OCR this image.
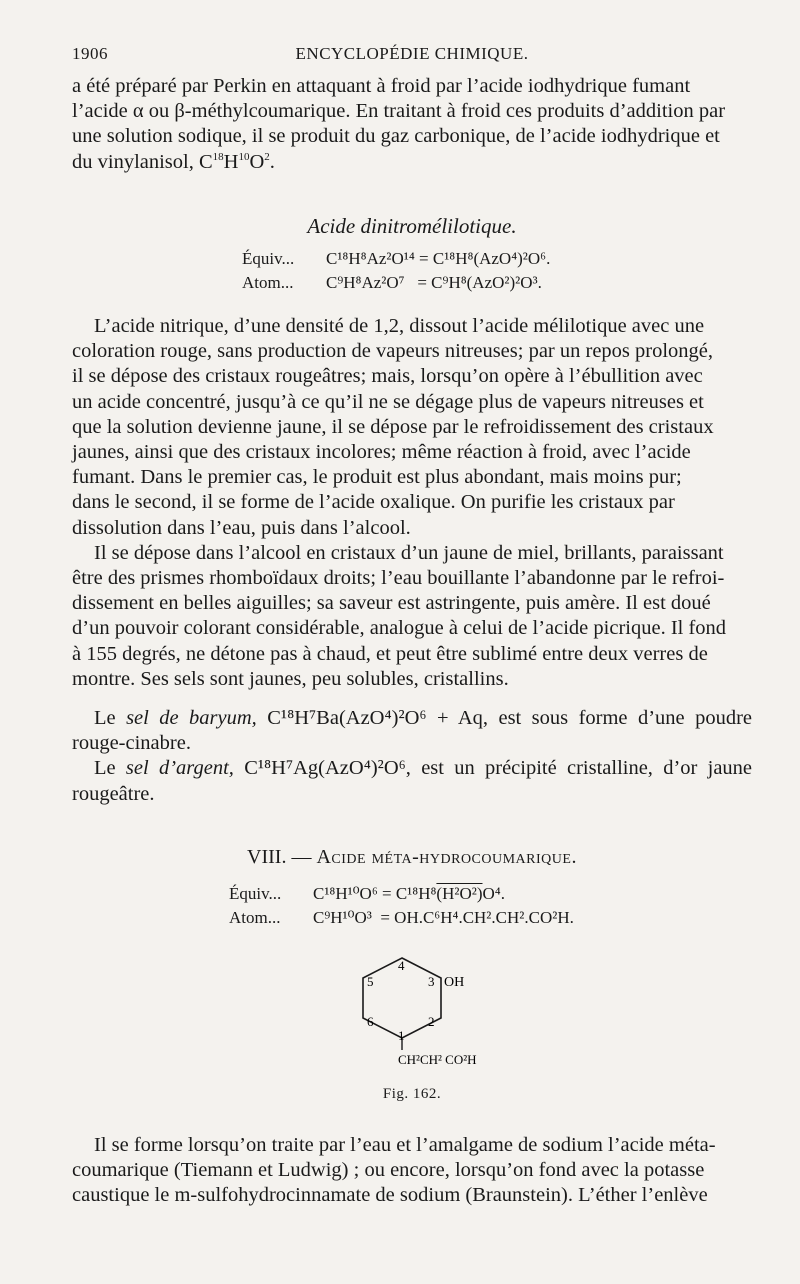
1906	ENCYCLOPÉDIE CHIMIQUE.

a été préparé par Perkin en attaquant à froid par l’acide iodhydrique fumant

l’acide α ou β-méthylcoumarique. En traitant à froid ces produits d’addition par

une solution sodique, il se produit du gaz carbonique, de l’acide iodhydrique et

du vinylanisol, $C^{18}H^{10}O^2$.

Acide dinitromélilotique.
Équiv... C¹⁸H⁸Az²O¹⁴ = C¹⁸H⁸(AzO⁴)²O⁶.
Atom... C⁹H⁸Az²O⁷   = C⁹H⁸(AzO²)²O³.

L’acide nitrique, d’une densité de 1,2, dissout l’acide mélilotique avec une

coloration rouge, sans production de vapeurs nitreuses; par un repos prolongé,

il se dépose des cristaux rougeâtres; mais, lorsqu’on opère à l’ébullition avec

un acide concentré, jusqu’à ce qu’il ne se dégage plus de vapeurs nitreuses et

que la solution devienne jaune, il se dépose par le refroidissement des cristaux

jaunes, ainsi que des cristaux incolores; même réaction à froid, avec l’acide

fumant. Dans le premier cas, le produit est plus abondant, mais moins pur;

dans le second, il se forme de l’acide oxalique. On purifie les cristaux par

dissolution dans l’eau, puis dans l’alcool.

Il se dépose dans l’alcool en cristaux d’un jaune de miel, brillants, paraissant

être des prismes rhomboïdaux droits; l’eau bouillante l’abandonne par le refroi-

dissement en belles aiguilles; sa saveur est astringente, puis amère. Il est doué

d’un pouvoir colorant considérable, analogue à celui de l’acide picrique. Il fond

à 155 degrés, ne détone pas à chaud, et peut être sublimé entre deux verres de

montre. Ses sels sont jaunes, peu solubles, cristallins.

Le sel de baryum, C¹⁸H⁷Ba(AzO⁴)²O⁶ + Aq, est sous forme d’une poudre

rouge-cinabre.

Le sel d’argent, C¹⁸H⁷Ag(AzO⁴)²O⁶, est un précipité cristalline, d’or jaune

rougeâtre.

VIII. — Acide méta-hydrocoumarique.
Équiv... C¹⁸H¹⁰O⁶ = C¹⁸H⁸(H²O²)O⁴.
Atom... C⁹H¹⁰O³  = OH.C⁶H⁴.CH².CH².CO²H.
4
5	3 OH
6	2
1
CH²CH² CO²H
Fig. 162.

Il se forme lorsqu’on traite par l’eau et l’amalgame de sodium l’acide méta-

coumarique (Tiemann et Ludwig) ; ou encore, lorsqu’on fond avec la potasse

caustique le m-sulfohydrocinnamate de sodium (Braunstein). L’éther l’enlève
